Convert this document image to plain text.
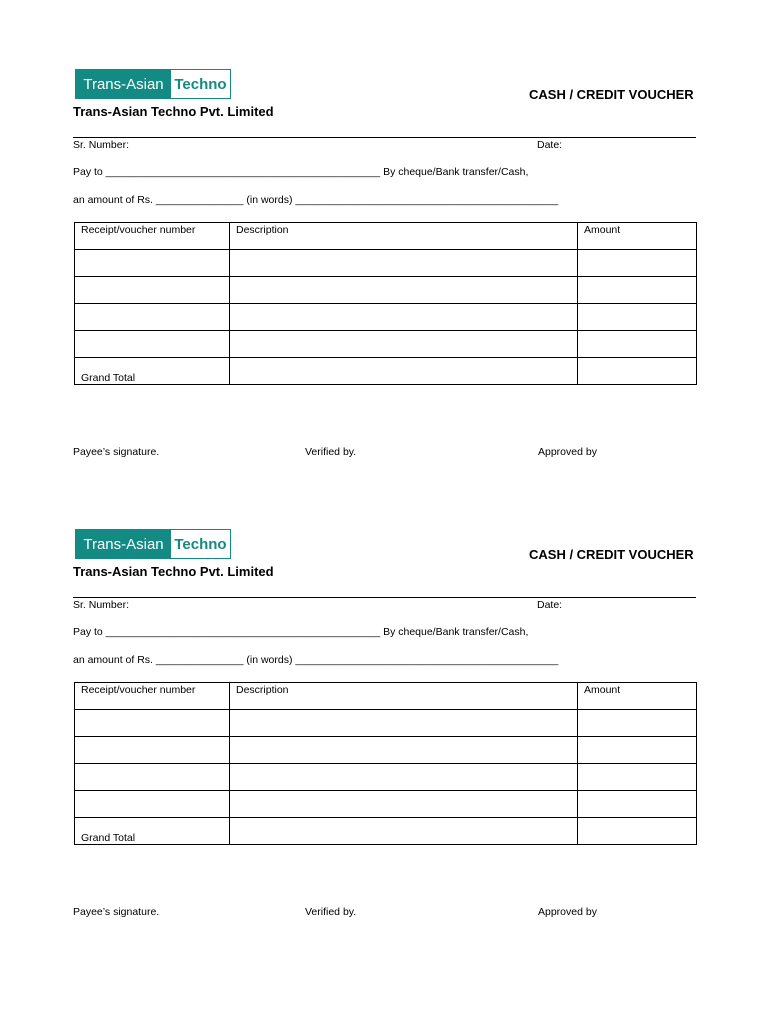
Trans-Asian Techno
Trans-Asian Techno Pvt. Limited
CASH / CREDIT VOUCHER
Sr. Number:	Date:
Pay to _______________________________________________ By cheque/Bank transfer/Cash,
an amount of Rs. _______________ (in words) _____________________________________________
Receipt/voucher number	Description	Amount

Grand Total		
Payee’s signature.	Verified by.	Approved by
Trans-Asian Techno
Trans-Asian Techno Pvt. Limited
CASH / CREDIT VOUCHER
Sr. Number:	Date:
Pay to _______________________________________________ By cheque/Bank transfer/Cash,
an amount of Rs. _______________ (in words) _____________________________________________
Receipt/voucher number	Description	Amount

Grand Total		
Payee’s signature.	Verified by.	Approved by
